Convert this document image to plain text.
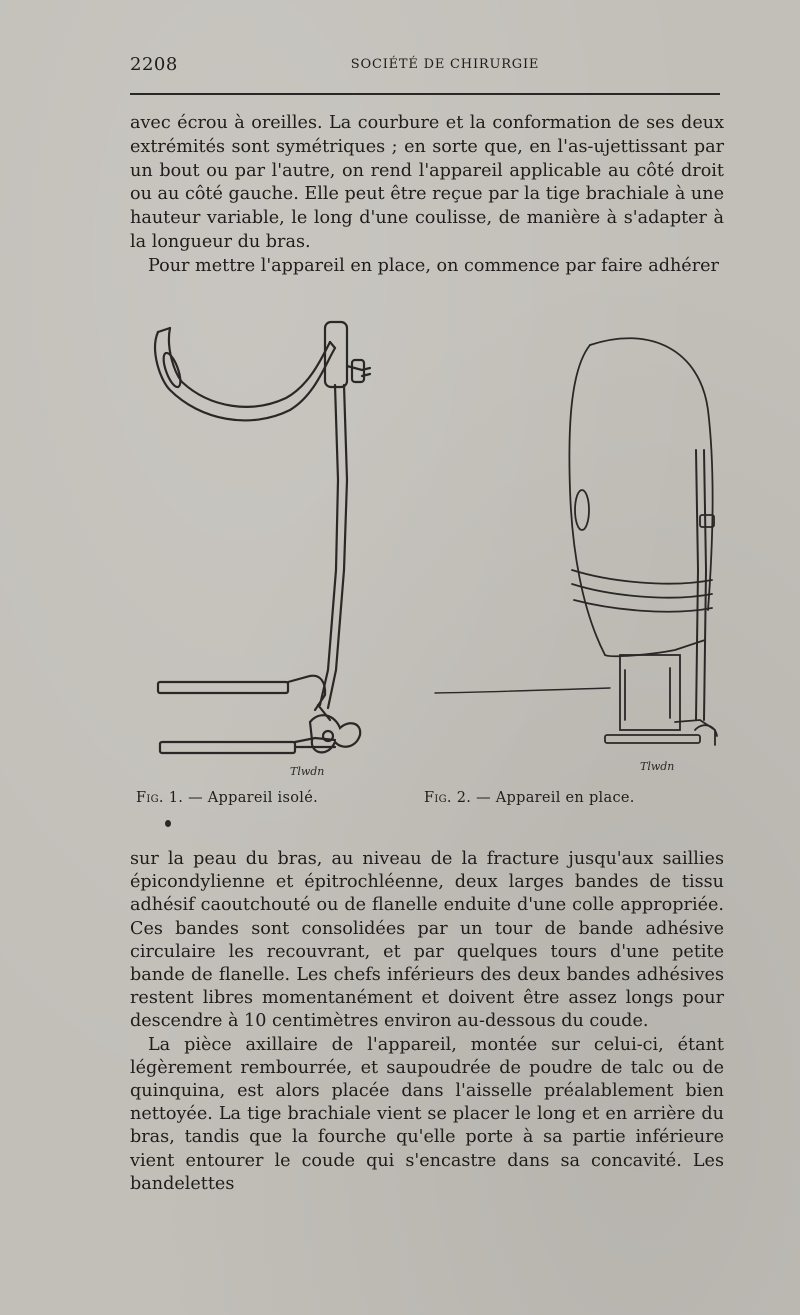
2208	SOCIÉTÉ DE CHIRURGIE

avec écrou à oreilles. La courbure et la conformation de ses deux extrémités sont symétriques ; en sorte que, en l'as-ujettissant par un bout ou par l'autre, on rend l'appareil applicable au côté droit ou au côté gauche. Elle peut être reçue par la tige brachiale à une hauteur variable, le long d'une coulisse, de manière à s'adapter à la longueur du bras.

Pour mettre l'appareil en place, on commence par faire adhérer

Tlwdn	Tlwdn
Fig. 1. — Appareil isolé.	Fig. 2. — Appareil en place.

sur la peau du bras, au niveau de la fracture jusqu'aux saillies épicondylienne et épitrochléenne, deux larges bandes de tissu adhésif caoutchouté ou de flanelle enduite d'une colle appropriée. Ces bandes sont consolidées par un tour de bande adhésive circulaire les recouvrant, et par quelques tours d'une petite bande de flanelle. Les chefs inférieurs des deux bandes adhésives restent libres momentanément et doivent être assez longs pour descendre à 10 centimètres environ au-dessous du coude.

La pièce axillaire de l'appareil, montée sur celui-ci, étant légèrement rembourrée, et saupoudrée de poudre de talc ou de quinquina, est alors placée dans l'aisselle préalablement bien nettoyée. La tige brachiale vient se placer le long et en arrière du bras, tandis que la fourche qu'elle porte à sa partie inférieure vient entourer le coude qui s'encastre dans sa concavité. Les bandelettes
